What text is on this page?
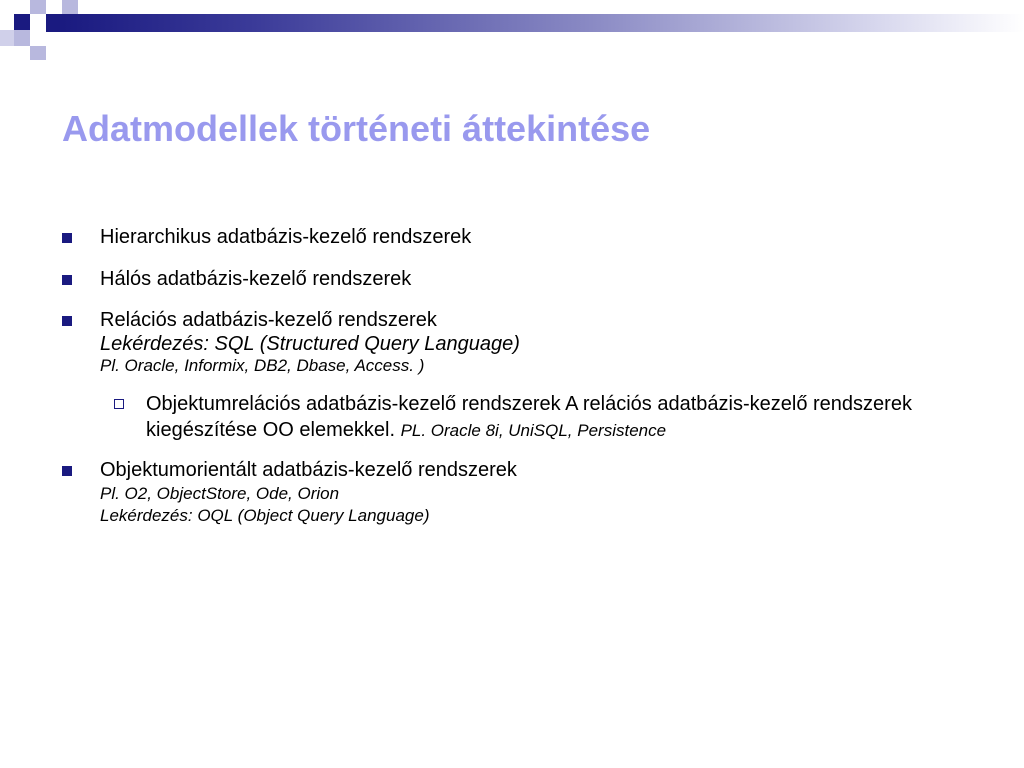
Adatmodellek történeti áttekintése
Hierarchikus adatbázis-kezelő rendszerek
Hálós adatbázis-kezelő rendszerek
Relációs adatbázis-kezelő rendszerek
Lekérdezés: SQL (Structured Query Language)
Pl. Oracle, Informix, DB2, Dbase, Access. )
Objektumrelációs adatbázis-kezelő rendszerek A relációs adatbázis-kezelő rendszerek kiegészítése OO elemekkel. PL. Oracle 8i, UniSQL, Persistence
Objektumorientált adatbázis-kezelő rendszerek
Pl. O2, ObjectStore, Ode, Orion
Lekérdezés: OQL (Object Query Language)
